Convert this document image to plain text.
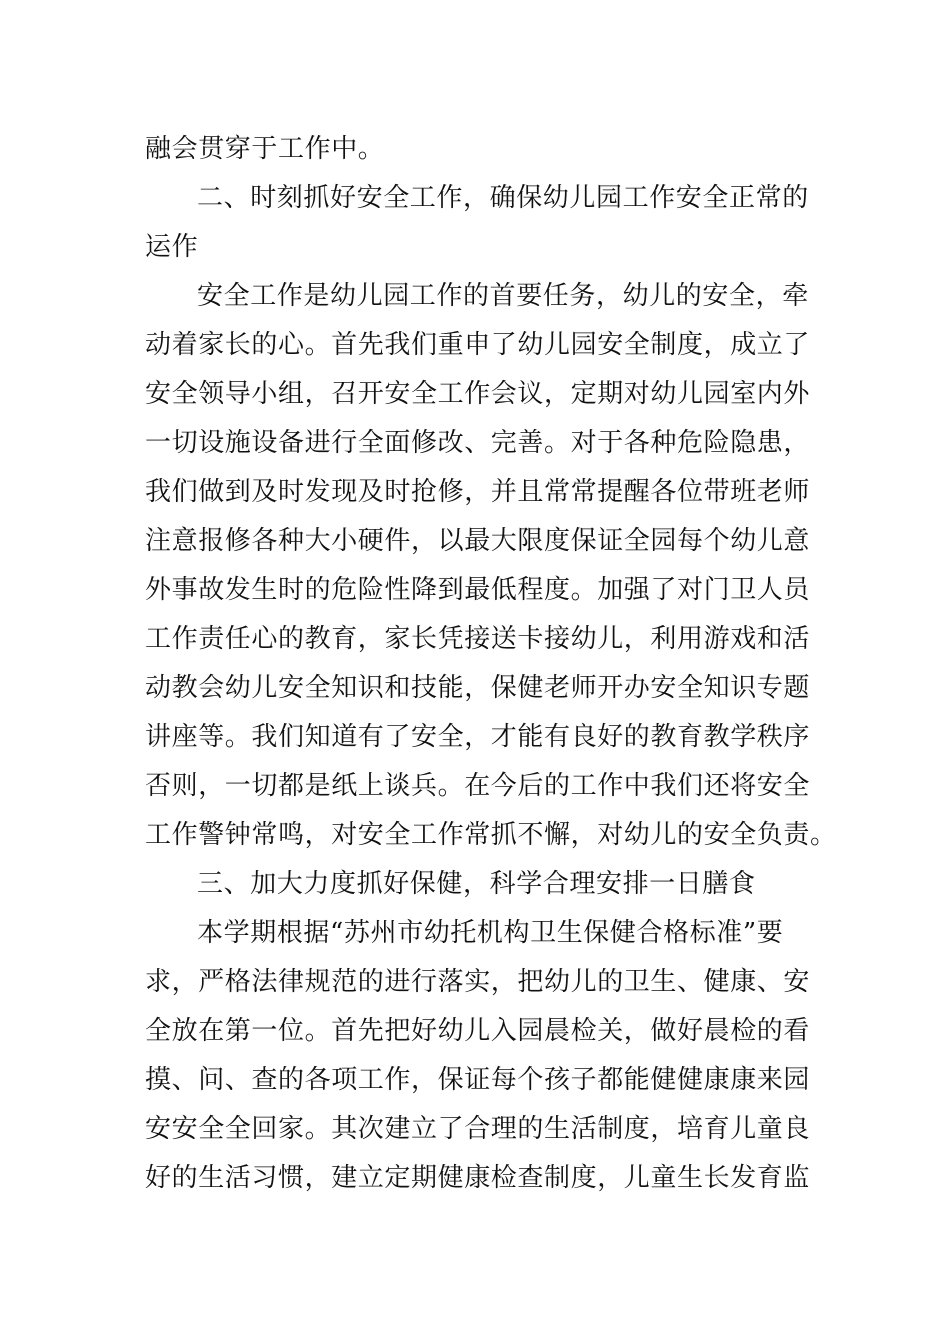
融会贯穿于工作中。
二、时刻抓好安全工作，确保幼儿园工作安全正常的
运作
安全工作是幼儿园工作的首要任务，幼儿的安全，牵
动着家长的心。首先我们重申了幼儿园安全制度，成立了
安全领导小组，召开安全工作会议，定期对幼儿园室内外
一切设施设备进行全面修改、完善。对于各种危险隐患，
我们做到及时发现及时抢修，并且常常提醒各位带班老师
注意报修各种大小硬件，以最大限度保证全园每个幼儿意
外事故发生时的危险性降到最低程度。加强了对门卫人员
工作责任心的教育，家长凭接送卡接幼儿，利用游戏和活
动教会幼儿安全知识和技能，保健老师开办安全知识专题
讲座等。我们知道有了安全，才能有良好的教育教学秩序
否则，一切都是纸上谈兵。在今后的工作中我们还将安全
工作警钟常鸣，对安全工作常抓不懈，对幼儿的安全负责。
三、加大力度抓好保健，科学合理安排一日膳食
本学期根据“苏州市幼托机构卫生保健合格标准”要
求，严格法律规范的进行落实，把幼儿的卫生、健康、安
全放在第一位。首先把好幼儿入园晨检关，做好晨检的看
摸、问、查的各项工作，保证每个孩子都能健健康康来园
安安全全回家。其次建立了合理的生活制度，培育儿童良
好的生活习惯，建立定期健康检查制度，儿童生长发育监
